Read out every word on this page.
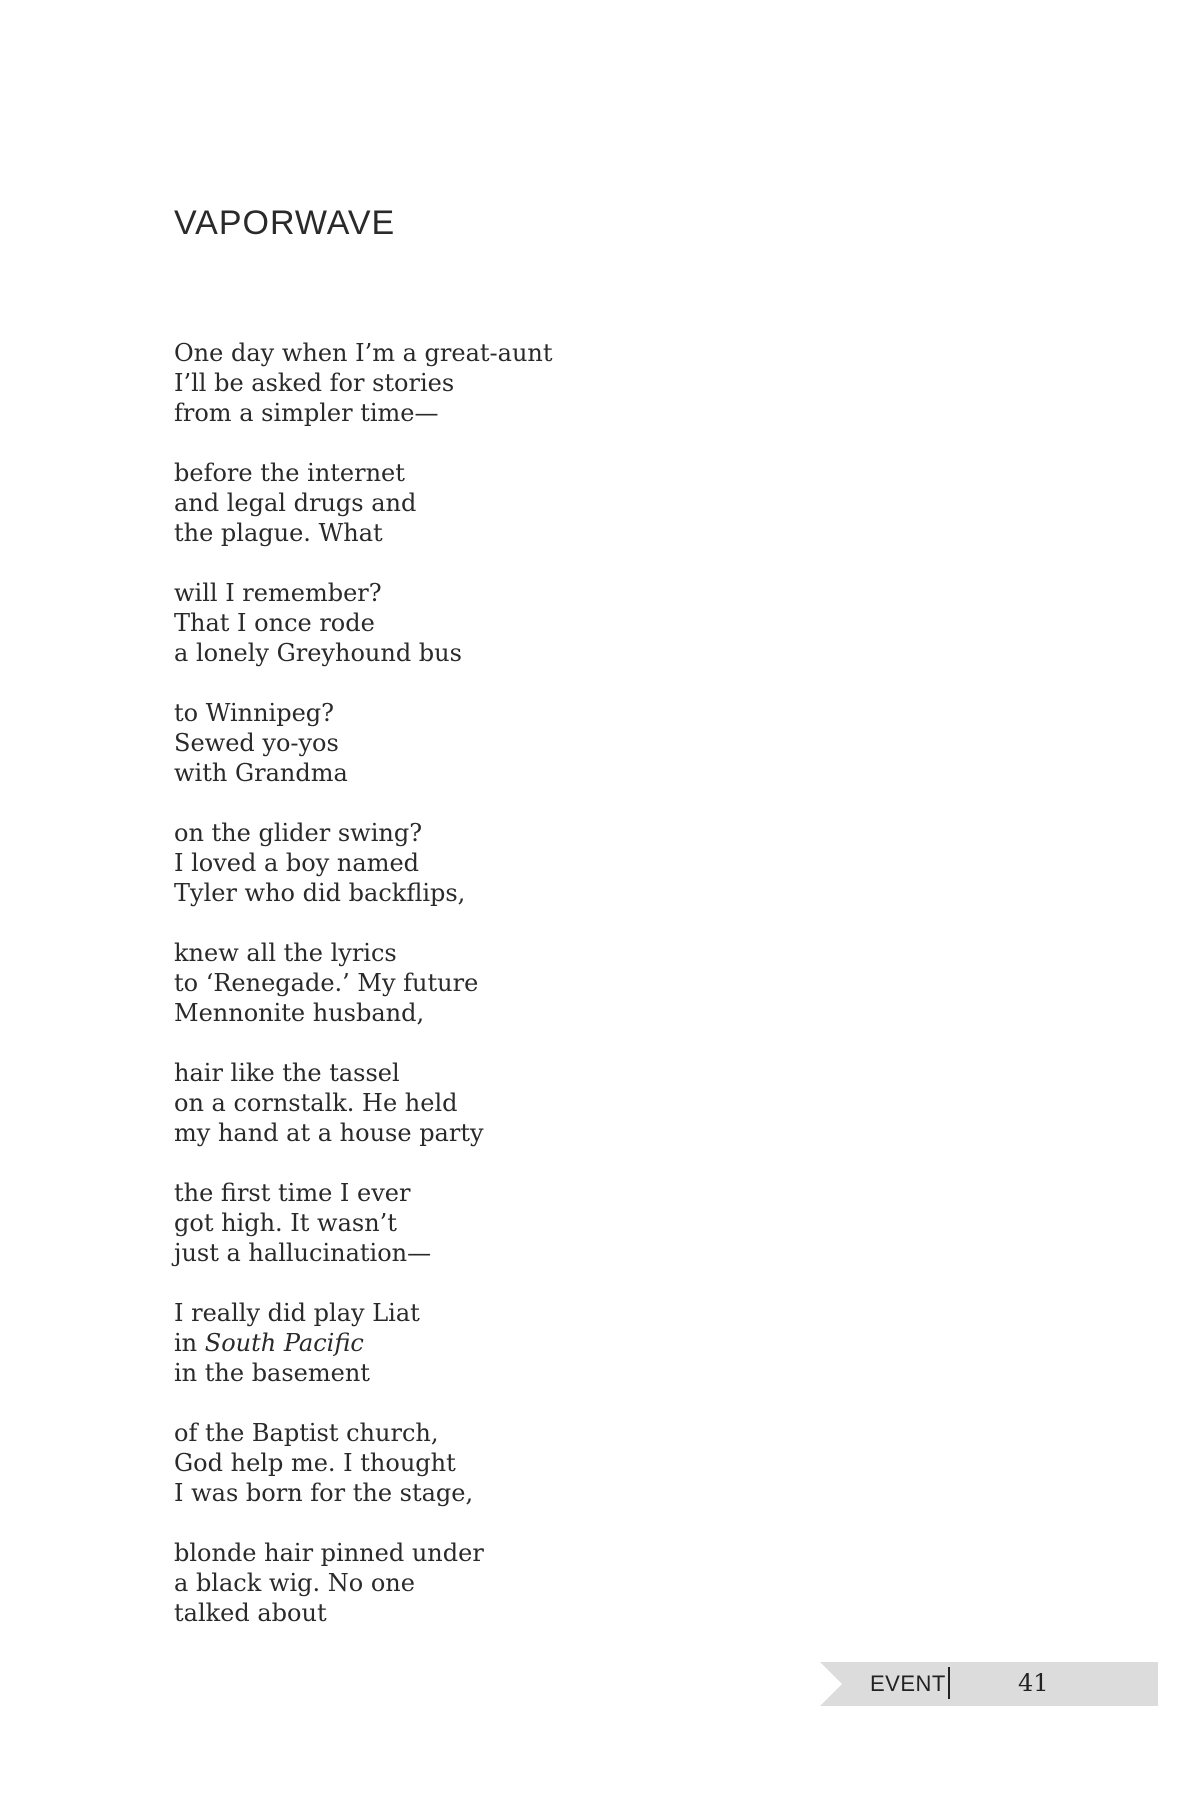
VAPORWAVE
One day when I’m a great-aunt
I’ll be asked for stories
from a simpler time—
before the internet
and legal drugs and
the plague. What
will I remember?
That I once rode
a lonely Greyhound bus
to Winnipeg?
Sewed yo-yos
with Grandma
on the glider swing?
I loved a boy named
Tyler who did backflips,
knew all the lyrics
to ‘Renegade.’ My future
Mennonite husband,
hair like the tassel
on a cornstalk. He held
my hand at a house party
the first time I ever
got high. It wasn’t
just a hallucination—
I really did play Liat
in South Pacific
in the basement
of the Baptist church,
God help me. I thought
I was born for the stage,
blonde hair pinned under
a black wig. No one
talked about
EVENT	41
